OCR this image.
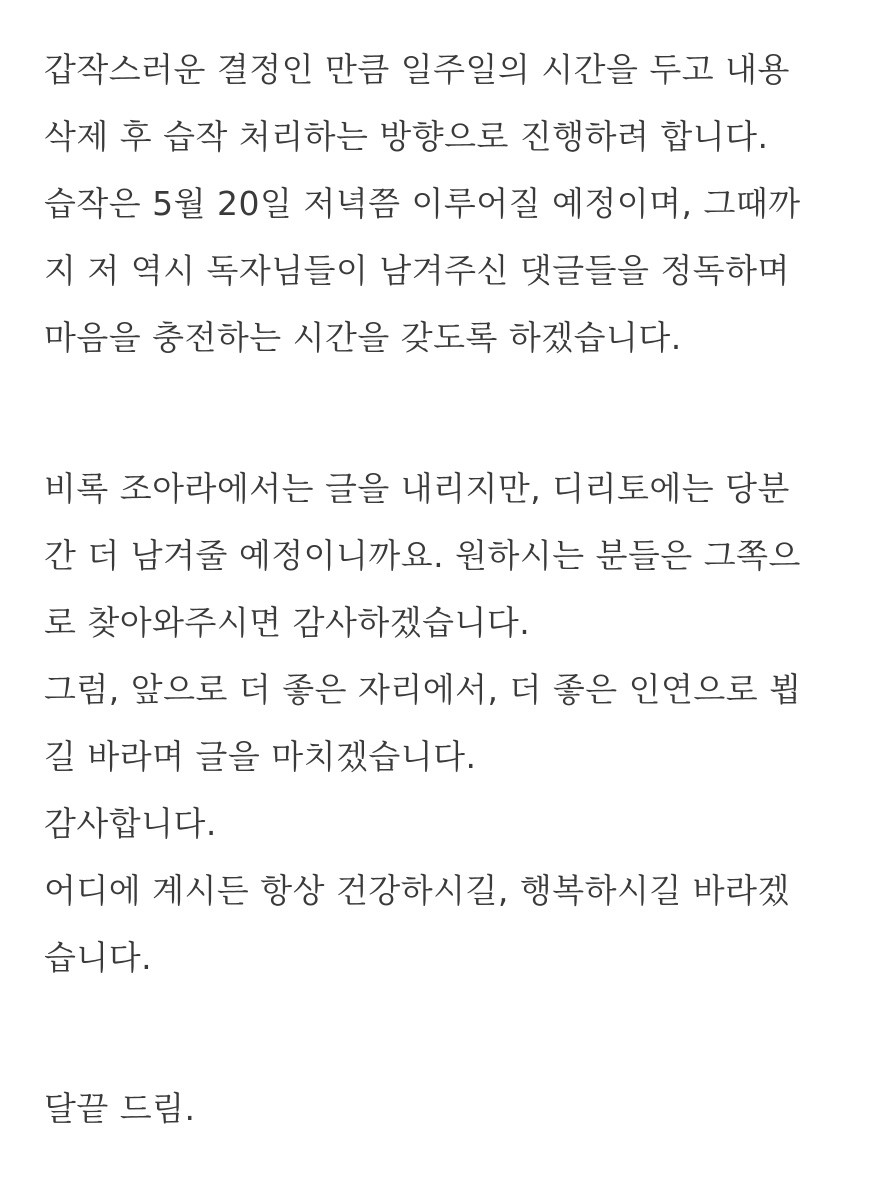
갑작스러운 결정인 만큼 일주일의 시간을 두고 내용
삭제 후 습작 처리하는 방향으로 진행하려 합니다.
습작은 5월 20일 저녁쯤 이루어질 예정이며, 그때까
지 저 역시 독자님들이 남겨주신 댓글들을 정독하며
마음을 충전하는 시간을 갖도록 하겠습니다.
비록 조아라에서는 글을 내리지만, 디리토에는 당분
간 더 남겨줄 예정이니까요. 원하시는 분들은 그쪽으
로 찾아와주시면 감사하겠습니다.
그럼, 앞으로 더 좋은 자리에서, 더 좋은 인연으로 뵙
길 바라며 글을 마치겠습니다.
감사합니다.
어디에 계시든 항상 건강하시길, 행복하시길 바라겠
습니다.
달끝 드림.
